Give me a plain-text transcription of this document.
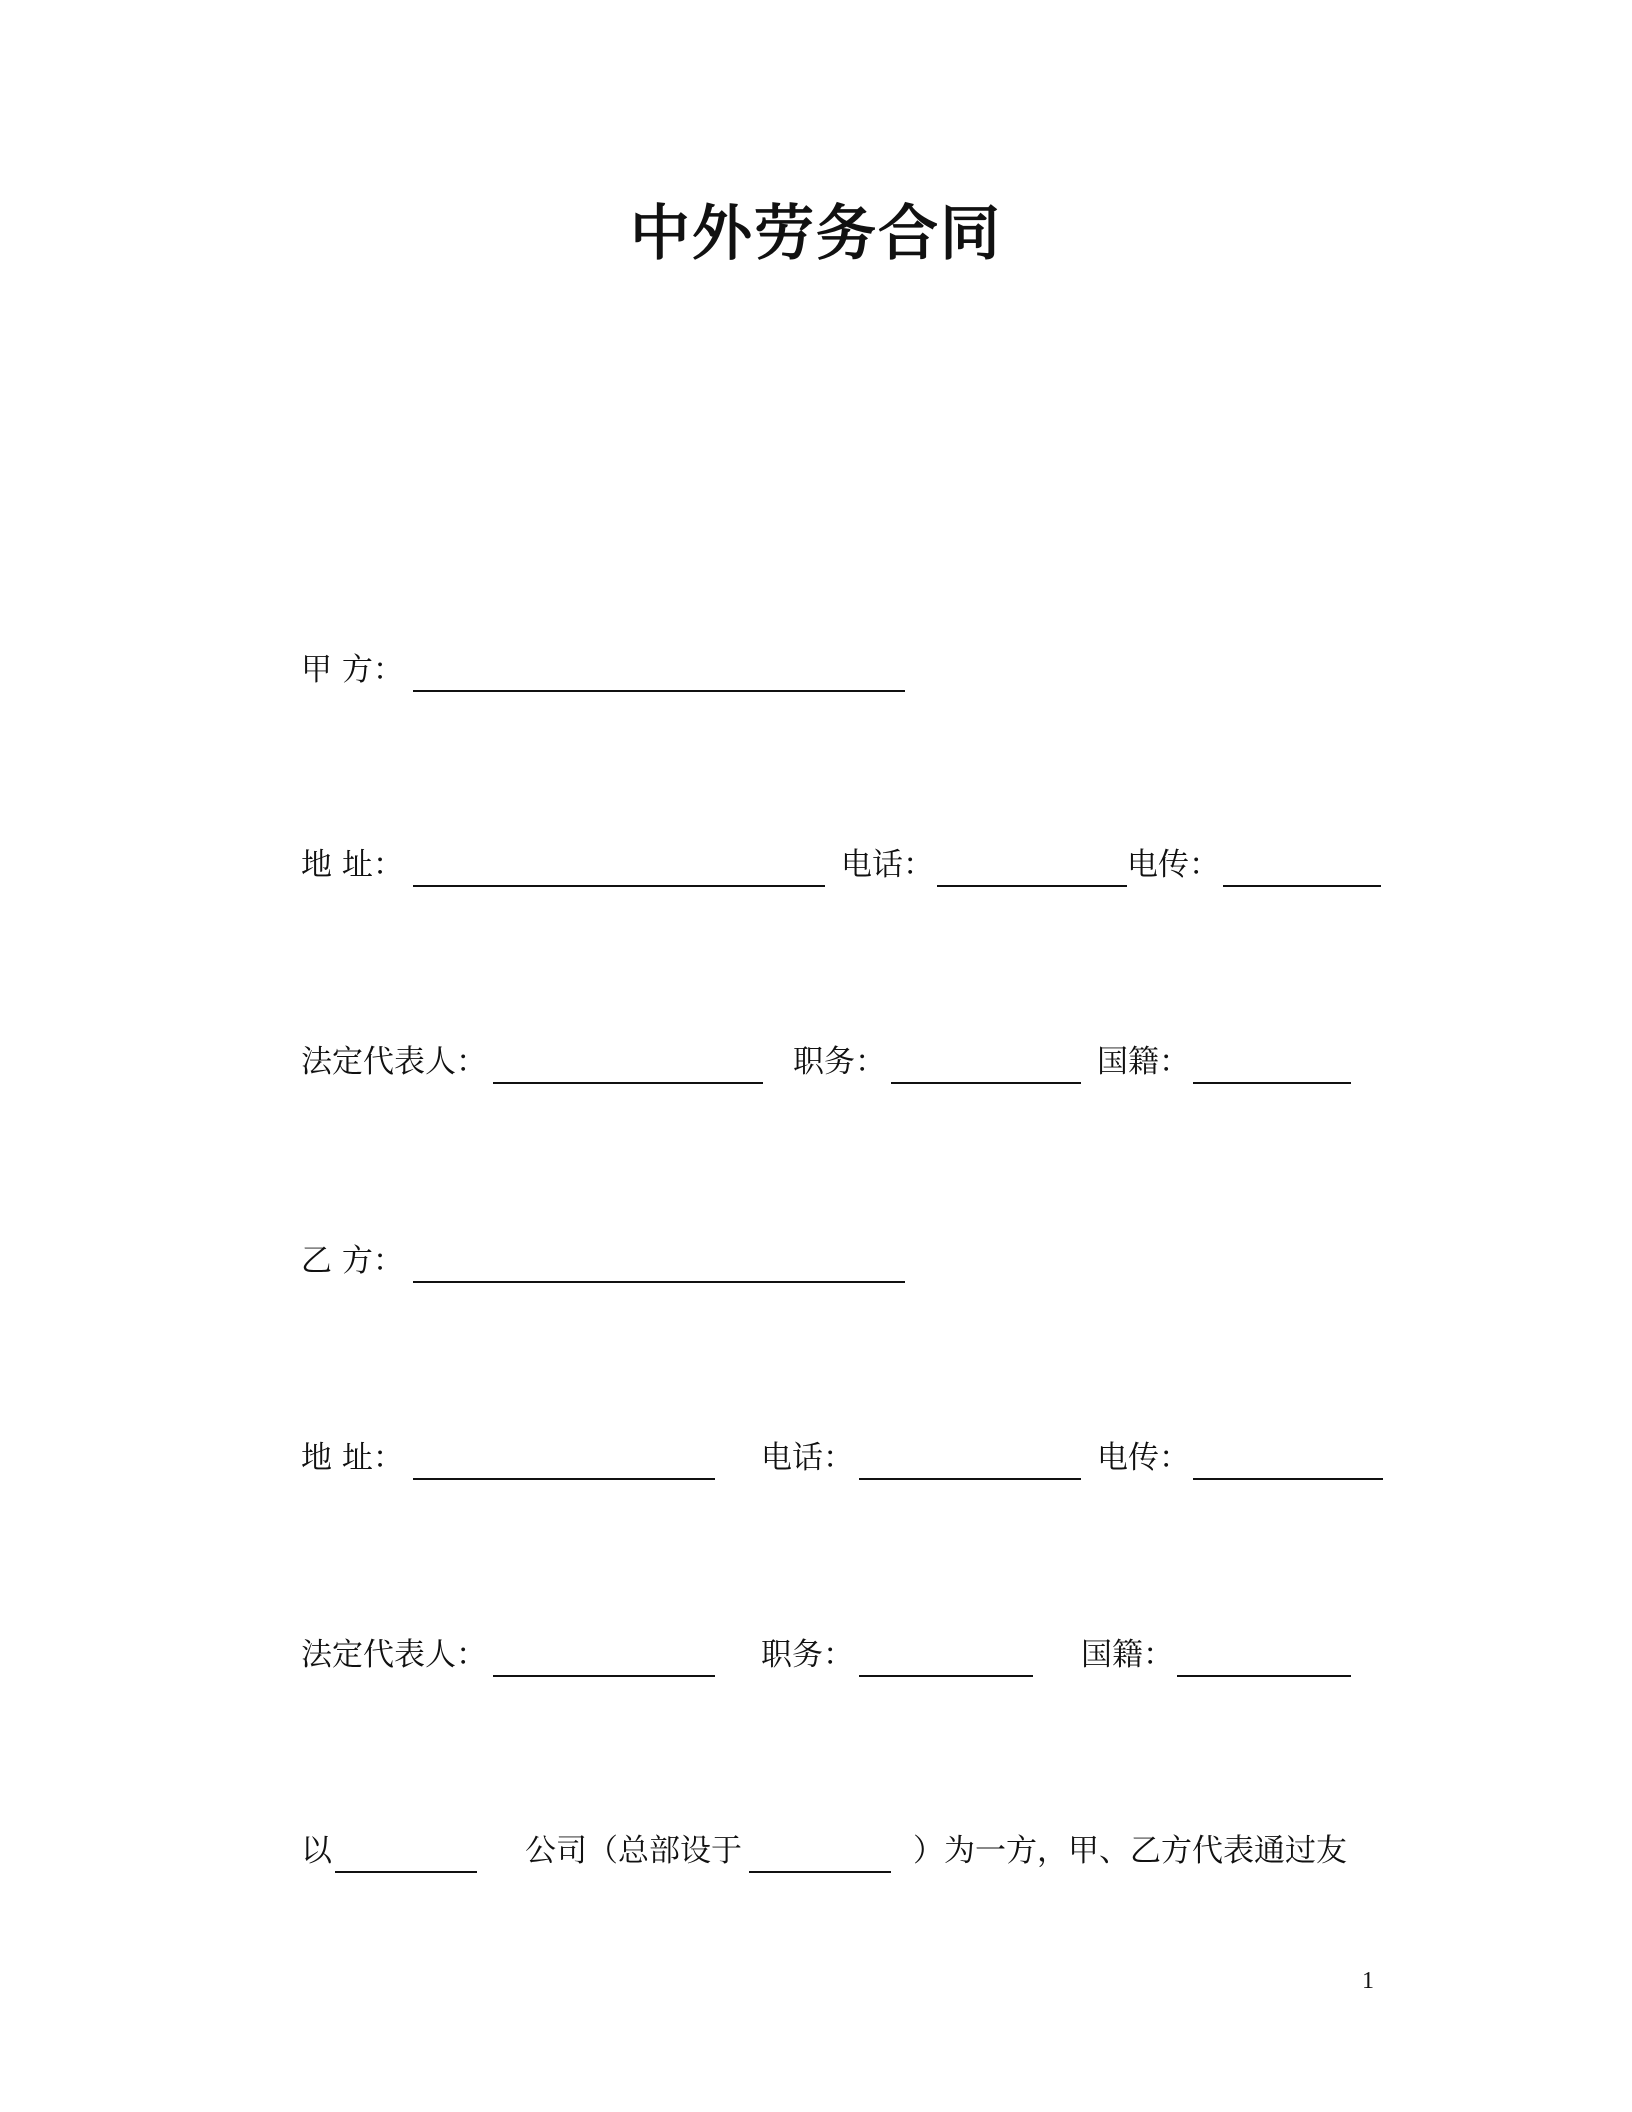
中外劳务合同
甲 方：
地 址：	电话：	电传：
法定代表人：	职务：	国籍：
乙 方：
地 址：	电话：	电传：
法定代表人：	职务：	国籍：
以	公司（总部设于	）为一方，甲、乙方代表通过友
1
